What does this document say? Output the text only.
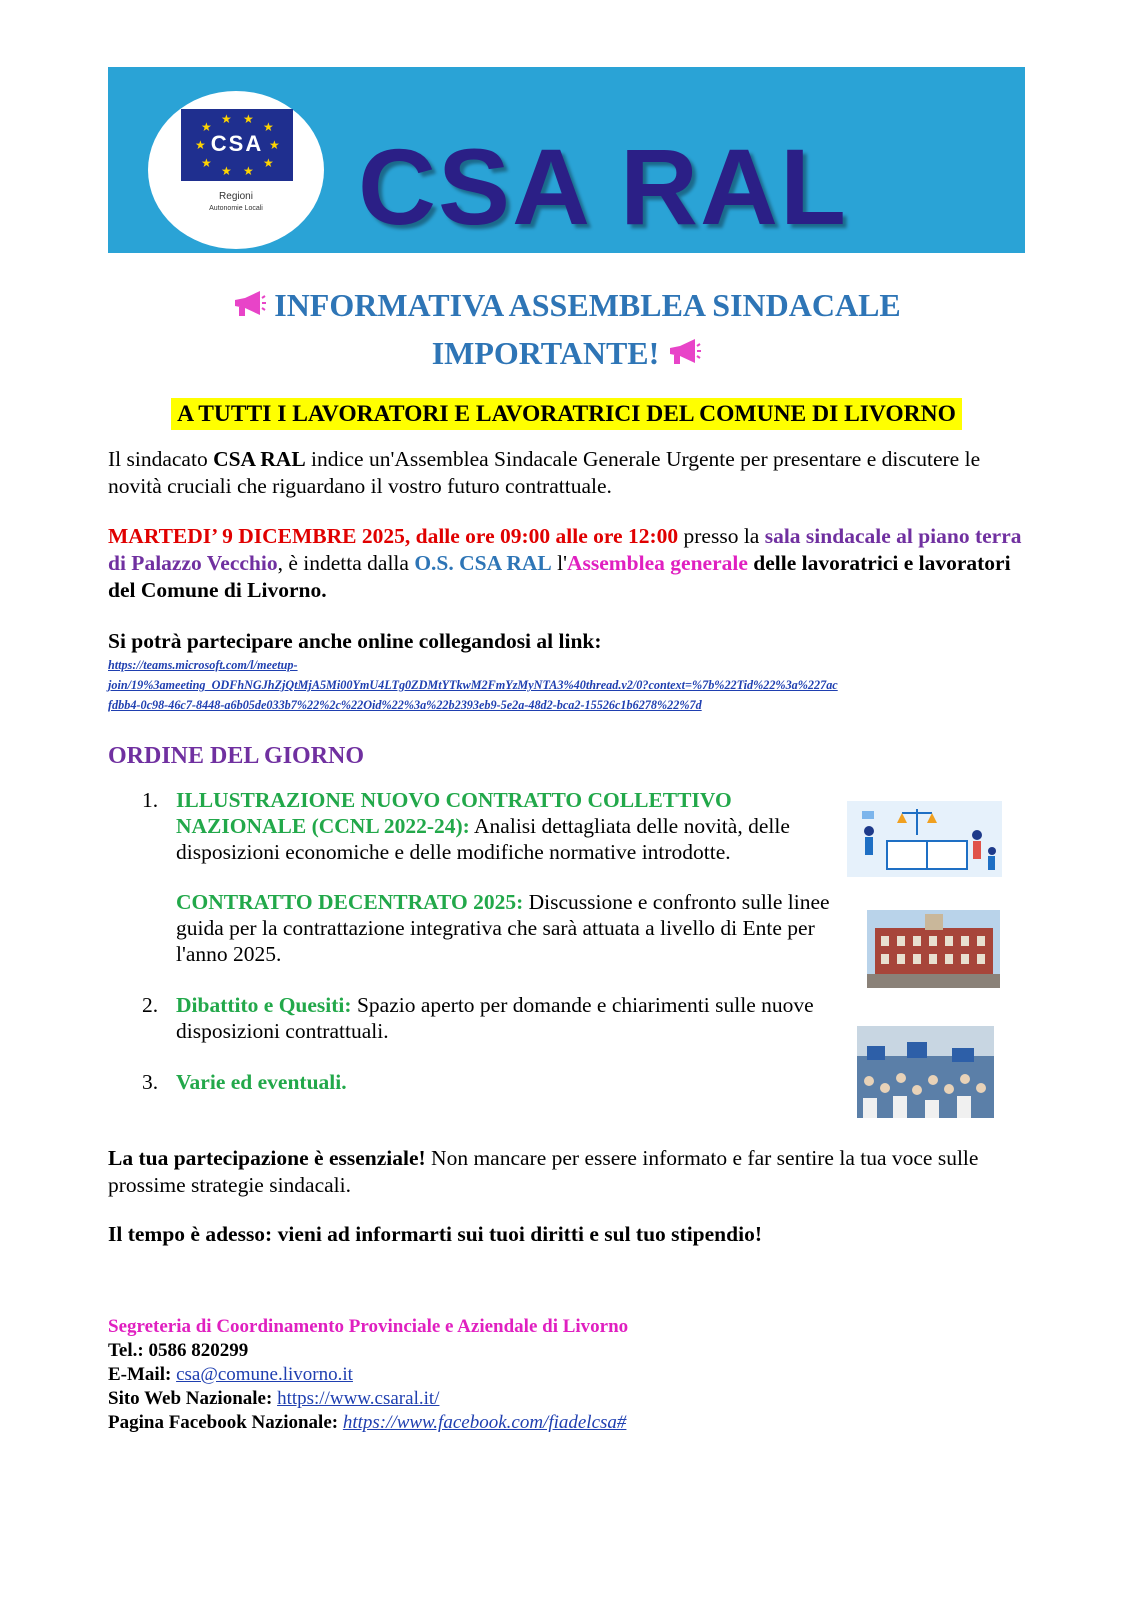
★
★ ★
★
★
★
★
★
★ ★
CSA
Regioni
Autonomie Locali CSA RAL
INFORMATIVA ASSEMBLEA SINDACALE
IMPORTANTE!
A TUTTI I LAVORATORI E LAVORATRICI DEL COMUNE DI LIVORNO
Il sindacato CSA RAL indice un'Assemblea Sindacale Generale Urgente per presentare e discutere le novità cruciali che riguardano il vostro futuro contrattuale.
MARTEDI’ 9 DICEMBRE 2025, dalle ore 09:00 alle ore 12:00 presso la sala sindacale al piano terra di Palazzo Vecchio, è indetta dalla O.S. CSA RAL l'Assemblea generale delle lavoratrici e lavoratori del Comune di Livorno.
Si potrà partecipare anche online collegandosi al link:
https://teams.microsoft.com/l/meetup-
join/19%3ameeting_ODFhNGJhZjQtMjA5Mi00YmU4LTg0ZDMtYTkwM2FmYzMyNTA3%40thread.v2/0?context=%7b%22Tid%22%3a%227ac
fdbb4-0c98-46c7-8448-a6b05de033b7%22%2c%22Oid%22%3a%22b2393eb9-5e2a-48d2-bca2-15526c1b6278%22%7d
ORDINE DEL GIORNO
1. ILLUSTRAZIONE NUOVO CONTRATTO COLLETTIVO NAZIONALE (CCNL 2022-24): Analisi dettagliata delle novità, delle disposizioni economiche e delle modifiche normative introdotte.
CONTRATTO DECENTRATO 2025: Discussione e confronto sulle linee guida per la contrattazione integrativa che sarà attuata a livello di Ente per l'anno 2025.
2. Dibattito e Quesiti: Spazio aperto per domande e chiarimenti sulle nuove disposizioni contrattuali.
3. Varie ed eventuali.
La tua partecipazione è essenziale! Non mancare per essere informato e far sentire la tua voce sulle prossime strategie sindacali.
Il tempo è adesso: vieni ad informarti sui tuoi diritti e sul tuo stipendio!
Segreteria di Coordinamento Provinciale e Aziendale di Livorno
Tel.: 0586 820299
E-Mail: csa@comune.livorno.it
Sito Web Nazionale: https://www.csaral.it/
Pagina Facebook Nazionale: https://www.facebook.com/fiadelcsa#
